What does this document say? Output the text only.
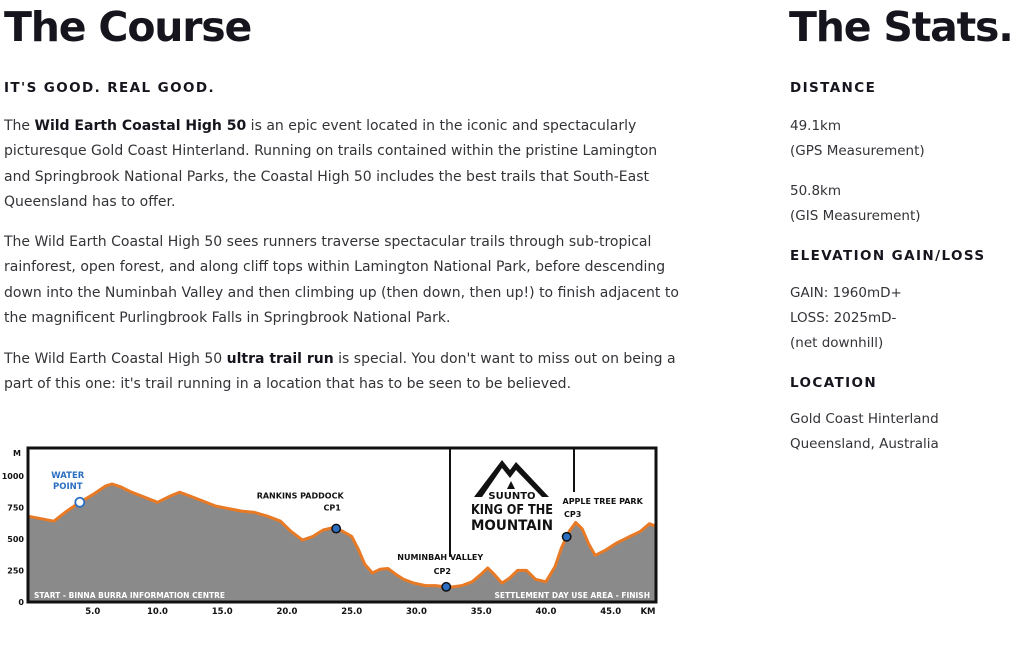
The Course
IT'S GOOD. REAL GOOD.

The Wild Earth Coastal High 50 is an epic event located in the iconic and spectacularly picturesque Gold Coast Hinterland. Running on trails contained within the pristine Lamington and Springbrook National Parks, the Coastal High 50 includes the best trails that South-East Queensland has to offer.

The Wild Earth Coastal High 50 sees runners traverse spectacular trails through sub-tropical rainforest, open forest, and along cliff tops within Lamington National Park, before descending down into the Numinbah Valley and then climbing up (then down, then up!) to finish adjacent to the magnificent Purlingbrook Falls in Springbrook National Park.

The Wild Earth Coastal High 50 ultra trail run is special. You don't want to miss out on being a part of this one: it's trail running in a location that has to be seen to be believed.

The Stats.
DISTANCE
49.1km
(GPS Measurement)
50.8km
(GIS Measurement)
ELEVATION GAIN/LOSS
GAIN: 1960mD+
LOSS: 2025mD-
(net downhill)
LOCATION
Gold Coast Hinterland
Queensland, Australia
M
0
250
500
750
1000
5.0	10.0	15.0	20.0	25.0	30.0	35.0	40.0	45.0 KM
WATER
POINT
RANKINS PADDOCK
CP1
NUMINBAH VALLEY
CP2
APPLE TREE PARK
CP3
SUUNTO
KING OF THE
MOUNTAIN
START - BINNA BURRA INFORMATION CENTRE	SETTLEMENT DAY USE AREA - FINISH
